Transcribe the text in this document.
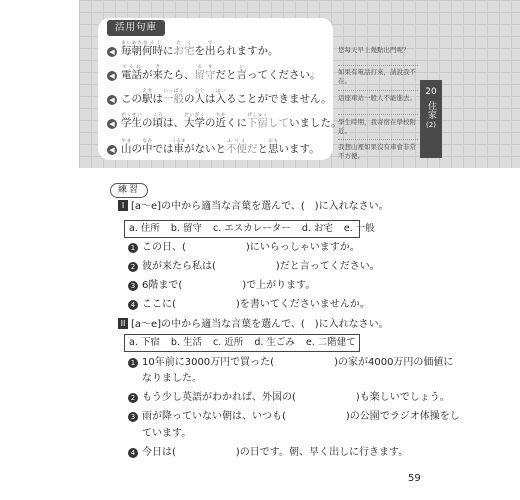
活用句庫
◀ 毎朝まいあさ何時なんじにお宅たくを出でられますか。
◀ 電話でんわが来きたら、留守るすだと言いってください。
◀ この駅えきは一般いっぱんの人ひとは入はいることができません。
◀ 学生がくせいの頃ころは、大学だいがくの近ちかくに下宿げしゅくしていました。
◀ 山やまの中なかでは車くるまがないと不便ふべんだと思おもいます。
您每天早上幾點出門呢？
如果有電話打來，請說我不在。
這座車站一般人不能進去。
學生時期，我寄宿在學校附近。
我想山裡如果沒有車會非常不方便。
20
住家
(2)
練習
I [a〜e]の中から適当な言葉を選んで、(　)に入れなさい。
a. 住所 b. 留守 c. エスカレーター d. お宅 e. 一般
1 この日、(　　　　　　)にいらっしゃいますか。
2 彼が来たら私は(　　　　　　)だと言ってください。
3 6階まで(　　　　　　)で上がります。
4 ここに(　　　　　　)を書いてくださいませんか。
II [a〜e]の中から適当な言葉を選んで、(　)に入れなさい。
a. 下宿 b. 生活 c. 近所 d. 生ごみ e. 二階建て
1 10年前に3000万円で買った(　　　　　　)の家が4000万円の価値に
なりました。
2 もう少し英語がわかれば、外国の(　　　　　　)も楽しいでしょう。
3 雨が降っていない朝は、いつも(　　　　　　)の公園でラジオ体操をし
ています。
4 今日は(　　　　　　)の日です。朝、早く出しに行きます。
59
